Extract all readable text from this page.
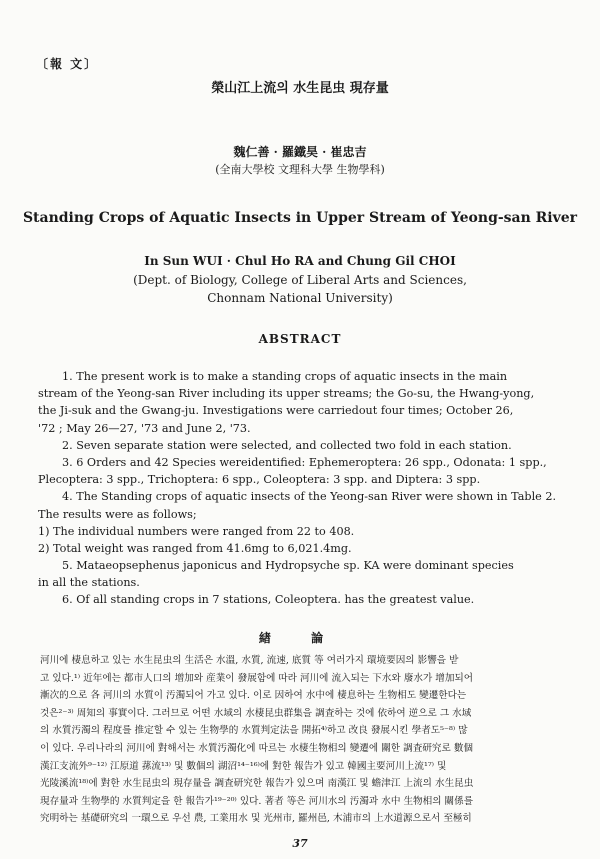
〔報 文〕
榮山江上流의 水生昆虫 現存量
魏仁善 · 羅鐵昊 · 崔忠吉
(全南大學校 文理科大學 生物學科)
Standing Crops of Aquatic Insects in Upper Stream of Yeong-san River
In Sun WUI · Chul Ho RA and Chung Gil CHOI
(Dept. of Biology, College of Liberal Arts and Sciences,
Chonnam National University)
ABSTRACT
1. The present work is to make a standing crops of aquatic insects in the main
stream of the Yeong-san River including its upper streams; the Go-su, the Hwang-yong,
the Ji-suk and the Gwang-ju. Investigations were carriedout four times; October 26,
'72 ; May 26—27, '73 and June 2, '73.
2. Seven separate station were selected, and collected two fold in each station.
3. 6 Orders and 42 Species wereidentified: Ephemeroptera: 26 spp., Odonata: 1 spp.,
Plecoptera: 3 spp., Trichoptera: 6 spp., Coleoptera: 3 spp. and Diptera: 3 spp.
4. The Standing crops of aquatic insects of the Yeong-san River were shown in Table 2.
The results were as follows;
1) The individual numbers were ranged from 22 to 408.
2) Total weight was ranged from 41.6mg to 6,021.4mg.
5. Mataeopsephenus japonicus and Hydropsyche sp. KA were dominant species
in all the stations.
6. Of all standing crops in 7 stations, Coleoptera. has the greatest value.
緖 論
河川에 棲息하고 있는 水生昆虫의 生活은 水溫, 水質, 流速, 底質 等 여러가지 環境要因의 影響을 받
고 있다.¹⁾ 近年에는 都市人口의 增加와 産業이 發展함에 따라 河川에 流入되는 下水와 廢水가 增加되어
漸次的으로 各 河川의 水質이 汚濁되어 가고 있다. 이로 因하여 水中에 棲息하는 生物相도 變遷한다는
것은²⁻³⁾ 周知의 事實이다. 그러므로 어떤 水域의 水棲昆虫群集을 調査하는 것에 依하여 逆으로 그 水域
의 水質汚濁의 程度를 推定할 수 있는 生物學的 水質判定法을 開拓⁴⁾하고 改良 發展시킨 學者도⁵⁻⁸⁾ 많
이 있다. 우리나라의 河川에 對해서는 水質汚濁化에 따르는 水棲生物相의 變遷에 關한 調査研究로 數個
漢江支流外⁹⁻¹²⁾ 江原道 蓀流¹³⁾ 및 數個의 湖沼¹⁴⁻¹⁶⁾에 對한 報告가 있고 韓國主要河川上流¹⁷⁾ 및
光陵溪流¹⁸⁾에 對한 水生昆虫의 現存量을 調査研究한 報告가 있으며 南漢江 및 蟾津江 上流의 水生昆虫
現存量과 生物學的 水質判定을 한 報告가¹⁹⁻²⁰⁾ 있다. 著者 等은 河川水의 汚濁과 水中 生物相의 關係를
究明하는 基礎研究의 一環으로 우선 農, 工業用水 및 光州市, 羅州邑, 木浦市의 上水道源으로서 至極히
37
